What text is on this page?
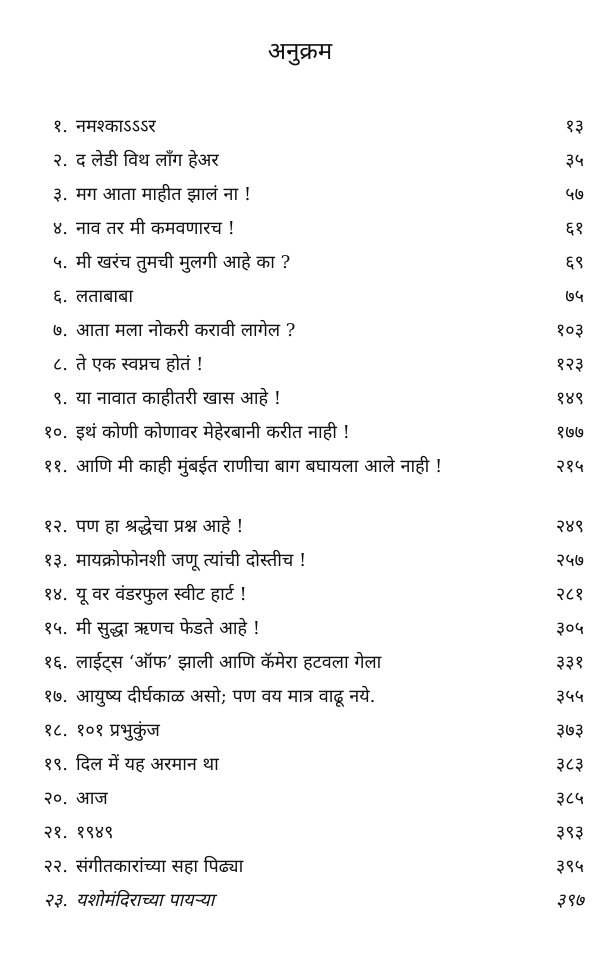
अनुक्रम
१. नमश्काऽऽऽर	१३
२. द लेडी विथ लाँग हेअर	३५
३. मग आता माहीत झालं ना !	५७
४. नाव तर मी कमवणारच !	६१
५. मी खरंच तुमची मुलगी आहे का ?	६९
६. लताबाबा	७५
७. आता मला नोकरी करावी लागेल ?	१०३
८. ते एक स्वप्नच होतं !	१२३
९. या नावात काहीतरी खास आहे !	१४९
१०. इथं कोणी कोणावर मेहेरबानी करीत नाही !	१७७
११. आणि मी काही मुंबईत राणीचा बाग बघायला आले नाही !	२१५
१२. पण हा श्रद्धेचा प्रश्न आहे !	२४९
१३. मायक्रोफोनशी जणू त्यांची दोस्तीच !	२५७
१४. यू वर वंडरफुल स्वीट हार्ट !	२८१
१५. मी सुद्धा ऋणच फेडते आहे !	३०५
१६. लाईट्स ‘ऑफ’ झाली आणि कॅमेरा हटवला गेला	३३१
१७. आयुष्य दीर्घकाळ असो; पण वय मात्र वाढू नये.	३५५
१८. १०१ प्रभुकुंज	३७३
१९. दिल में यह अरमान था	३८३
२०. आज	३८५
२१. १९४९	३९३
२२. संगीतकारांच्या सहा पिढ्या	३९५
२३. यशोमंदिराच्या पायऱ्या	३९७
